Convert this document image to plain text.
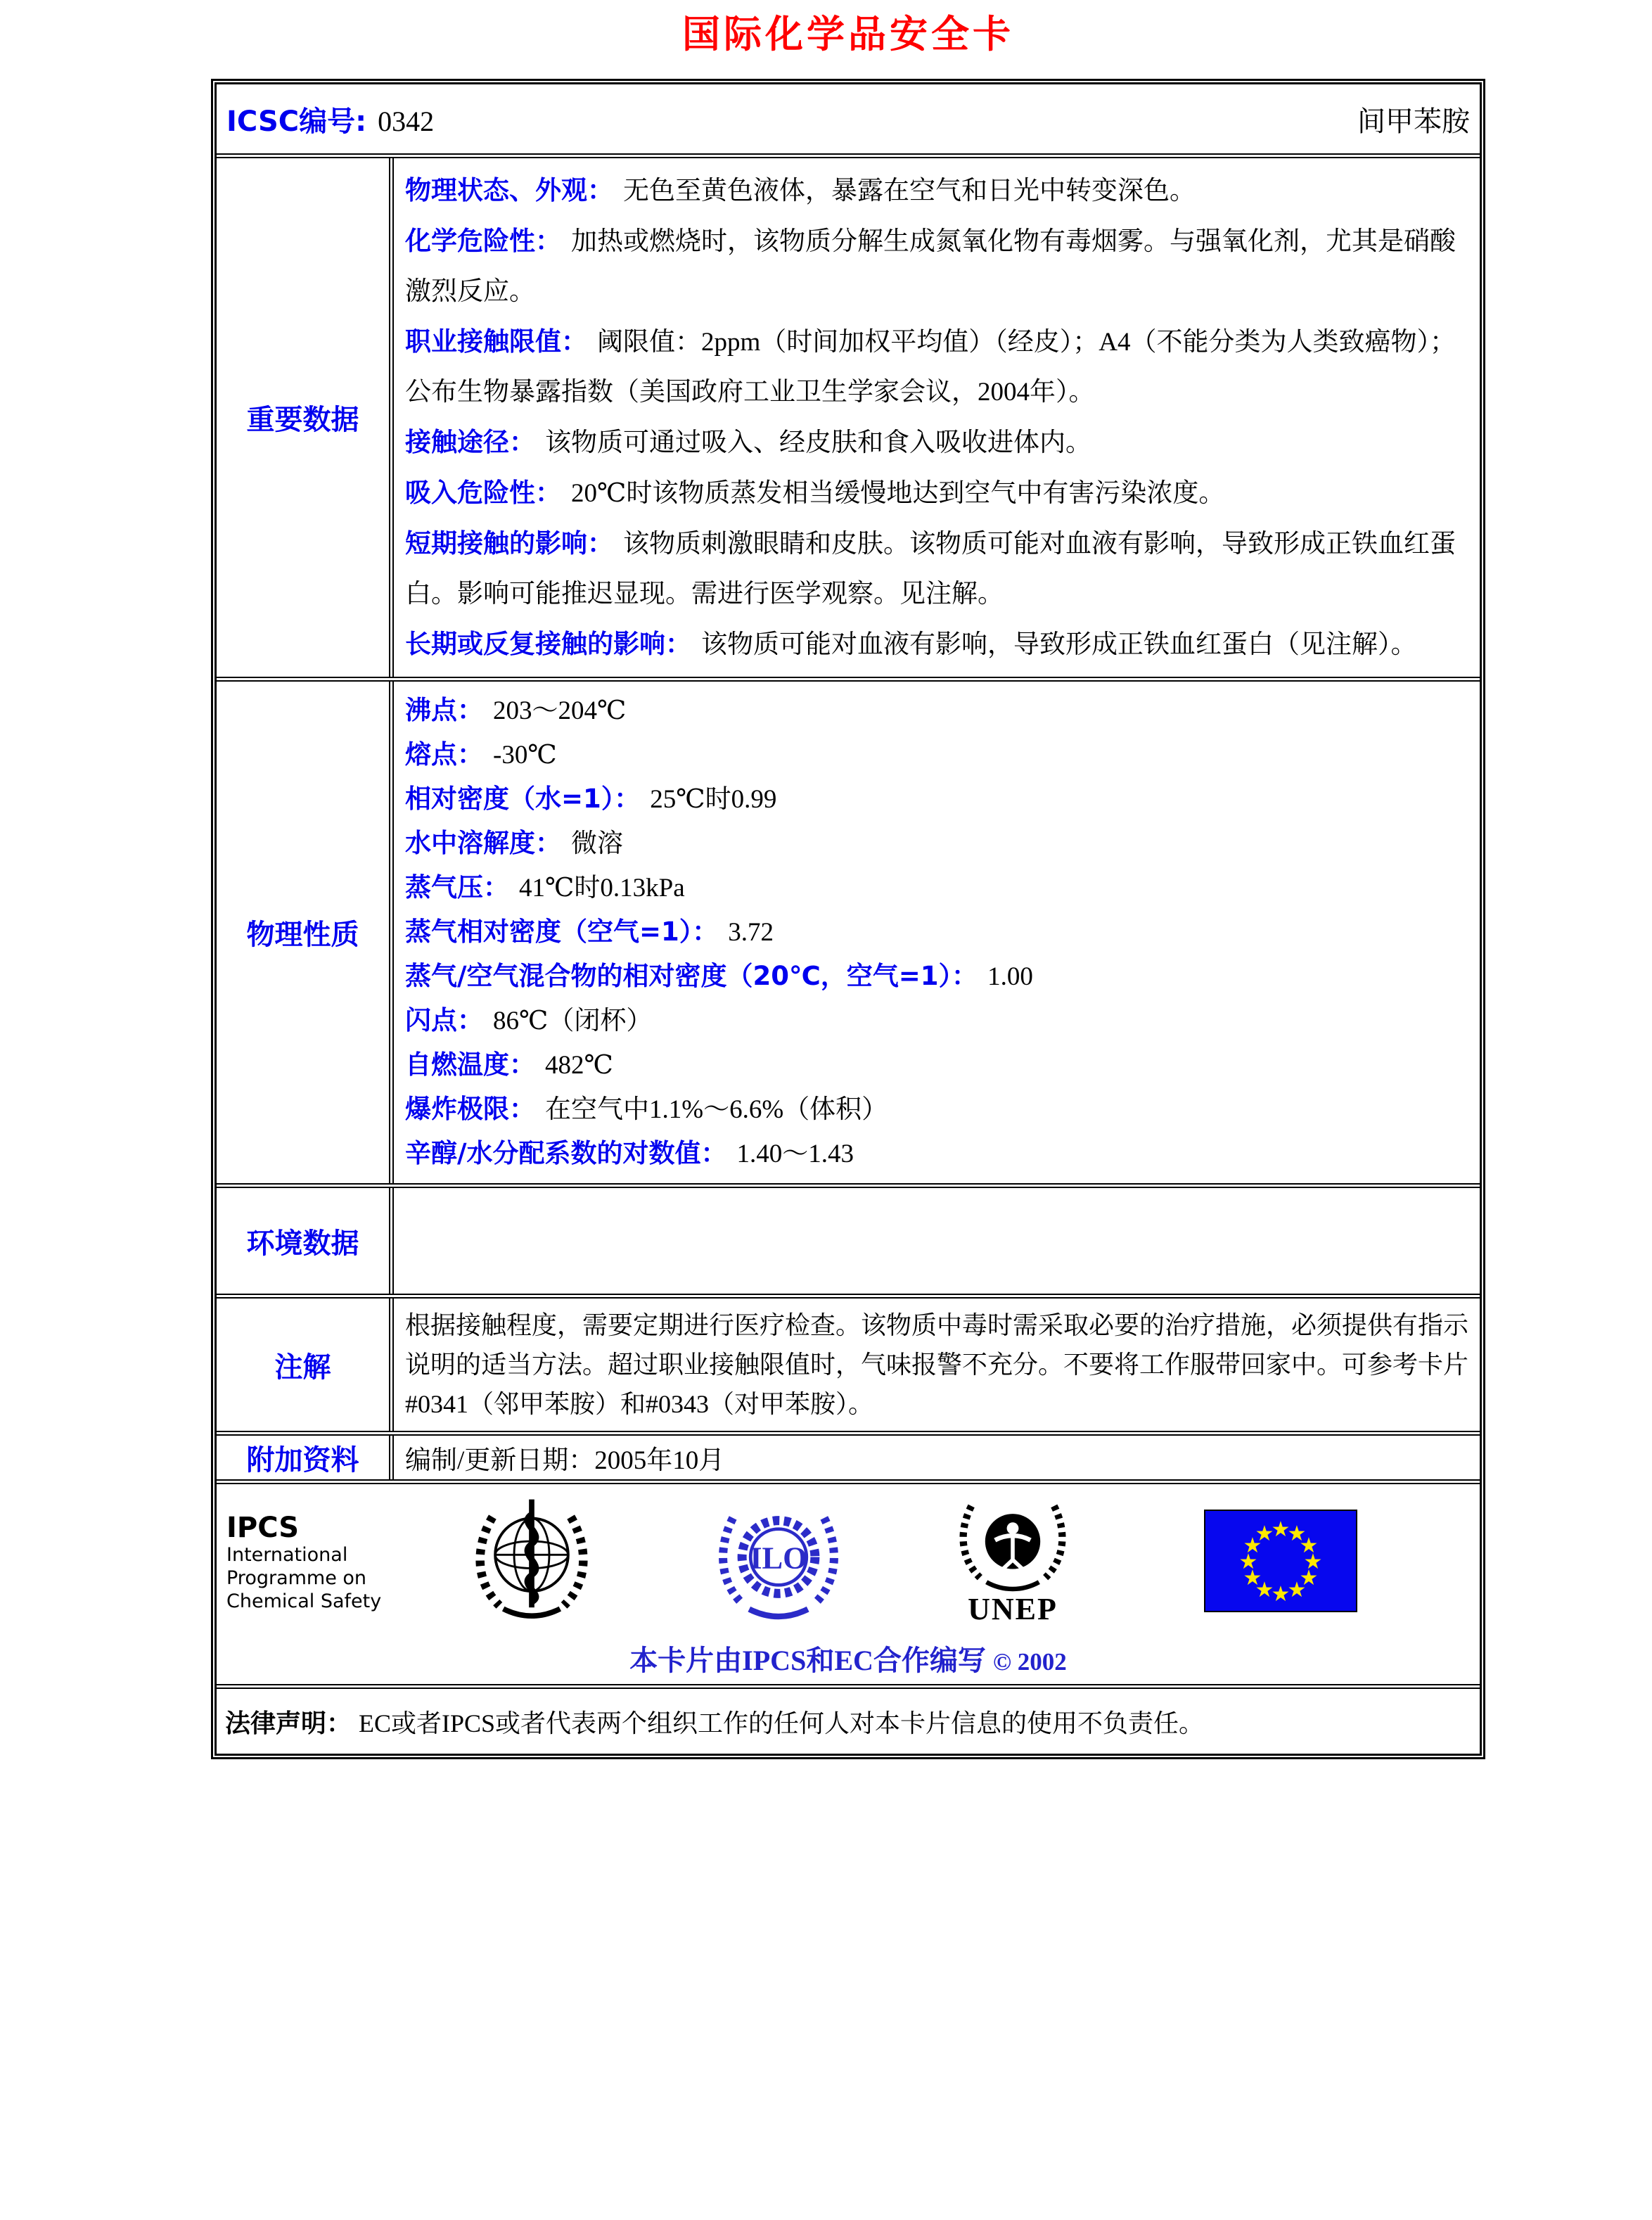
国际化学品安全卡
ICSC编号: 0342	间甲苯胺
重要数据

物理状态、外观： 无色至黄色液体，暴露在空气和日光中转变深色。

化学危险性： 加热或燃烧时，该物质分解生成氮氧化物有毒烟雾。与强氧化剂，尤其是硝酸激烈反应。

职业接触限值： 阈限值：2ppm（时间加权平均值）（经皮）；A4（不能分类为人类致癌物）；公布生物暴露指数（美国政府工业卫生学家会议，2004年）。

接触途径： 该物质可通过吸入、经皮肤和食入吸收进体内。

吸入危险性： 20℃时该物质蒸发相当缓慢地达到空气中有害污染浓度。

短期接触的影响： 该物质刺激眼睛和皮肤。该物质可能对血液有影响，导致形成正铁血红蛋白。影响可能推迟显现。需进行医学观察。见注解。

长期或反复接触的影响： 该物质可能对血液有影响，导致形成正铁血红蛋白（见注解）。

物理性质

沸点： 203～204℃

熔点： -30℃

相对密度（水=1）： 25℃时0.99

水中溶解度： 微溶

蒸气压： 41℃时0.13kPa

蒸气相对密度（空气=1）： 3.72

蒸气/空气混合物的相对密度（20℃，空气=1）： 1.00

闪点： 86℃（闭杯）

自燃温度： 482℃

爆炸极限： 在空气中1.1%～6.6%（体积）

辛醇/水分配系数的对数值： 1.40～1.43

环境数据
注解

根据接触程度，需要定期进行医疗检查。该物质中毒时需采取必要的治疗措施，必须提供有指示说明的适当方法。超过职业接触限值时，气味报警不充分。不要将工作服带回家中。可参考卡片#0341（邻甲苯胺）和#0343（对甲苯胺）。

附加资料	编制/更新日期：2005年10月
IPCS
International
Programme on
Chemical Safety
ILO
UNEP
★
★
★
★
★
★
★
★
★
★
★
★
本卡片由IPCS和EC合作编写 © 2002
法律声明： EC或者IPCS或者代表两个组织工作的任何人对本卡片信息的使用不负责任。
